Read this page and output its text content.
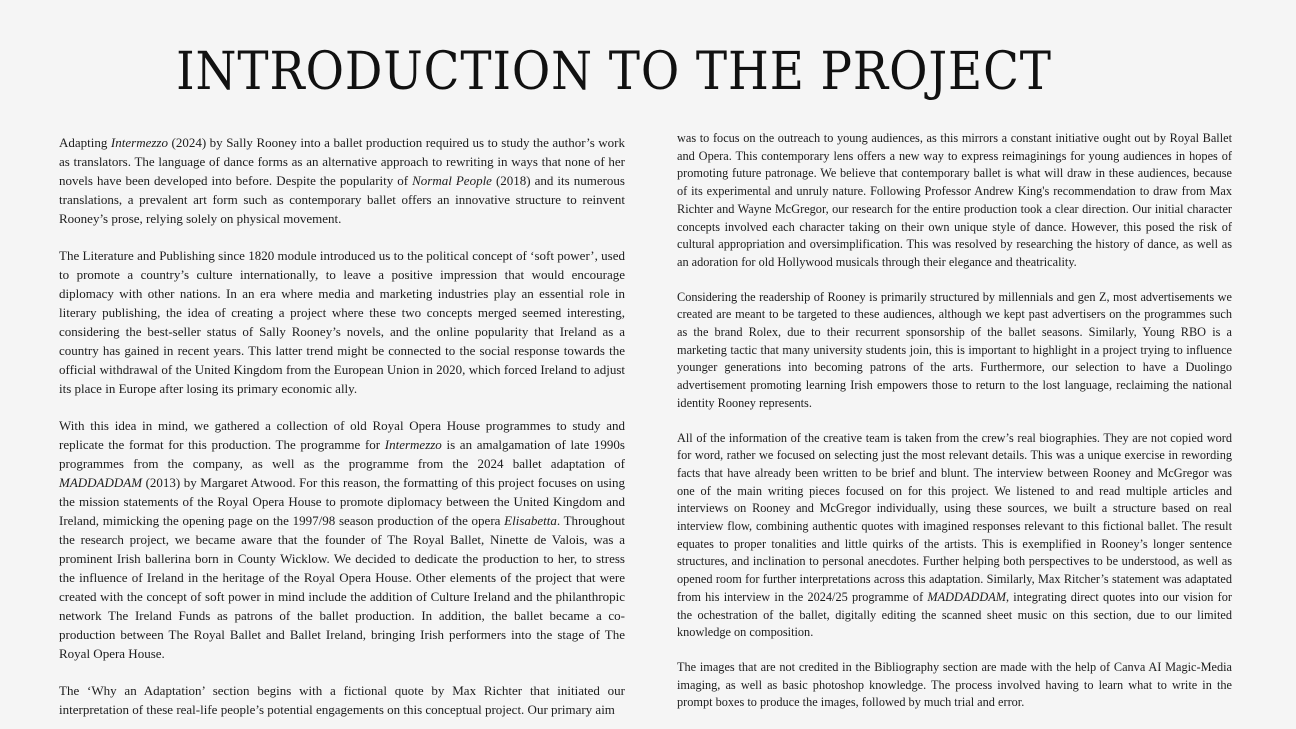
INTRODUCTION TO THE PROJECT

Adapting Intermezzo (2024) by Sally Rooney into a ballet production required us to study the author’s work as translators. The language of dance forms as an alternative approach to rewriting in ways that none of her novels have been developed into before. Despite the popularity of Normal People (2018) and its numerous translations, a prevalent art form such as contemporary ballet offers an innovative structure to reinvent Rooney’s prose, relying solely on physical movement.

The Literature and Publishing since 1820 module introduced us to the political concept of ‘soft power’, used to promote a country’s culture internationally, to leave a positive impression that would encourage diplomacy with other nations. In an era where media and marketing industries play an essential role in literary publishing, the idea of creating a project where these two concepts merged seemed interesting, considering the best-seller status of Sally Rooney’s novels, and the online popularity that Ireland as a country has gained in recent years. This latter trend might be connected to the social response towards the official withdrawal of the United Kingdom from the European Union in 2020, which forced Ireland to adjust its place in Europe after losing its primary economic ally.

With this idea in mind, we gathered a collection of old Royal Opera House programmes to study and replicate the format for this production. The programme for Intermezzo is an amalgamation of late 1990s programmes from the company, as well as the programme from the 2024 ballet adaptation of MADDADDAM (2013) by Margaret Atwood. For this reason, the formatting of this project focuses on using the mission statements of the Royal Opera House to promote diplomacy between the United Kingdom and Ireland, mimicking the opening page on the 1997/98 season production of the opera Elisabetta. Throughout the research project, we became aware that the founder of The Royal Ballet, Ninette de Valois, was a prominent Irish ballerina born in County Wicklow. We decided to dedicate the production to her, to stress the influence of Ireland in the heritage of the Royal Opera House. Other elements of the project that were created with the concept of soft power in mind include the addition of Culture Ireland and the philanthropic network The Ireland Funds as patrons of the ballet production. In addition, the ballet became a co-production between The Royal Ballet and Ballet Ireland, bringing Irish performers into the stage of The Royal Opera House.

The ‘Why an Adaptation’ section begins with a fictional quote by Max Richter that initiated our interpretation of these real-life people’s potential engagements on this conceptual project. Our primary aim

was to focus on the outreach to young audiences, as this mirrors a constant initiative ought out by Royal Ballet and Opera. This contemporary lens offers a new way to express reimaginings for young audiences in hopes of promoting future patronage. We believe that contemporary ballet is what will draw in these audiences, because of its experimental and unruly nature. Following Professor Andrew King's recommendation to draw from Max Richter and Wayne McGregor, our research for the entire production took a clear direction. Our initial character concepts involved each character taking on their own unique style of dance. However, this posed the risk of cultural appropriation and oversimplification. This was resolved by researching the history of dance, as well as an adoration for old Hollywood musicals through their elegance and theatricality.

Considering the readership of Rooney is primarily structured by millennials and gen Z, most advertisements we created are meant to be targeted to these audiences, although we kept past advertisers on the programmes such as the brand Rolex, due to their recurrent sponsorship of the ballet seasons. Similarly, Young RBO is a marketing tactic that many university students join, this is important to highlight in a project trying to influence younger generations into becoming patrons of the arts. Furthermore, our selection to have a Duolingo advertisement promoting learning Irish empowers those to return to the lost language, reclaiming the national identity Rooney represents.

All of the information of the creative team is taken from the crew’s real biographies. They are not copied word for word, rather we focused on selecting just the most relevant details. This was a unique exercise in rewording facts that have already been written to be brief and blunt. The interview between Rooney and McGregor was one of the main writing pieces focused on for this project. We listened to and read multiple articles and interviews on Rooney and McGregor individually, using these sources, we built a structure based on real interview flow, combining authentic quotes with imagined responses relevant to this fictional ballet. The result equates to proper tonalities and little quirks of the artists. This is exemplified in Rooney’s longer sentence structures, and inclination to personal anecdotes. Further helping both perspectives to be understood, as well as opened room for further interpretations across this adaptation. Similarly, Max Ritcher’s statement was adaptated from his interview in the 2024/25 programme of MADDADDAM, integrating direct quotes into our vision for the ochestration of the ballet, digitally editing the scanned sheet music on this section, due to our limited knowledge on composition.

The images that are not credited in the Bibliography section are made with the help of Canva AI Magic-Media imaging, as well as basic photoshop knowledge. The process involved having to learn what to write in the prompt boxes to produce the images, followed by much trial and error.
